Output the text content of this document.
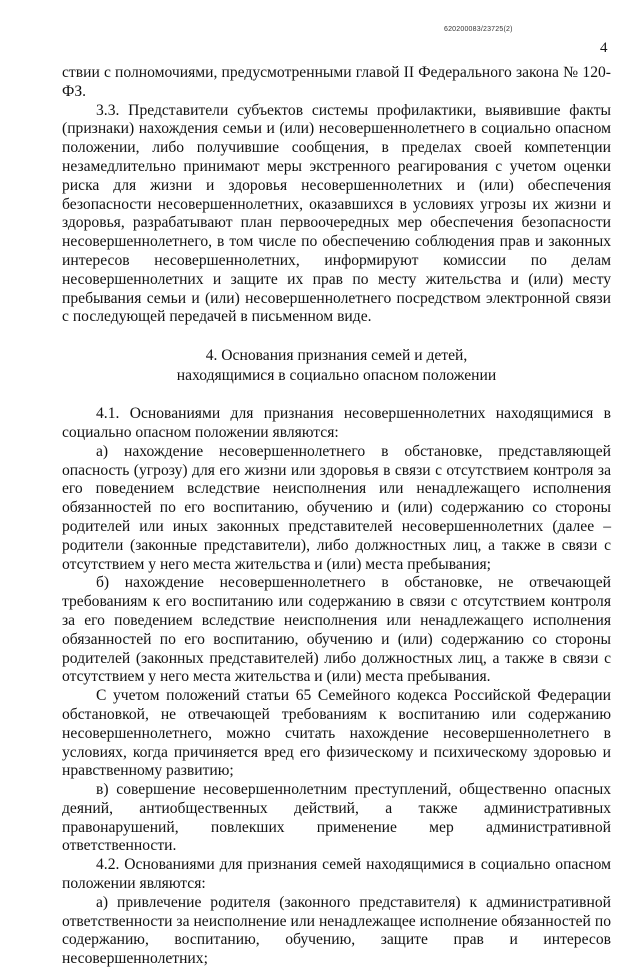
620200083/23725(2)
4

ствии с полномочиями, предусмотренными главой II Федерального закона № 120-ФЗ.

3.3. Представители субъектов системы профилактики, выявившие факты (признаки) нахождения семьи и (или) несовершеннолетнего в социально опасном положении, либо получившие сообщения, в пределах своей компетенции незамедлительно принимают меры экстренного реагирования с учетом оценки риска для жизни и здоровья несовершеннолетних и (или) обеспечения безопасности несовершеннолетних, оказавшихся в условиях угрозы их жизни и здоровья, разрабатывают план первоочередных мер обеспечения безопасности несовершеннолетнего, в том числе по обеспечению соблюдения прав и законных интересов несовершеннолетних, информируют комиссии по делам несовершеннолетних и защите их прав по месту жительства и (или) месту пребывания семьи и (или) несовершеннолетнего посредством электронной связи с последующей передачей в письменном виде.

4. Основания признания семей и детей,
находящимися в социально опасном положении

4.1. Основаниями для признания несовершеннолетних находящимися в социально опасном положении являются:

а) нахождение несовершеннолетнего в обстановке, представляющей опасность (угрозу) для его жизни или здоровья в связи с отсутствием контроля за его поведением вследствие неисполнения или ненадлежащего исполнения обязанностей по его воспитанию, обучению и (или) содержанию со стороны родителей или иных законных представителей несовершеннолетних (далее – родители (законные представители), либо должностных лиц, а также в связи с отсутствием у него места жительства и (или) места пребывания;

б) нахождение несовершеннолетнего в обстановке, не отвечающей требованиям к его воспитанию или содержанию в связи с отсутствием контроля за его поведением вследствие неисполнения или ненадлежащего исполнения обязанностей по его воспитанию, обучению и (или) содержанию со стороны родителей (законных представителей) либо должностных лиц, а также в связи с отсутствием у него места жительства и (или) места пребывания.

С учетом положений статьи 65 Семейного кодекса Российской Федерации обстановкой, не отвечающей требованиям к воспитанию или содержанию несовершеннолетнего, можно считать нахождение несовершеннолетнего в условиях, когда причиняется вред его физическому и психическому здоровью и нравственному развитию;

в) совершение несовершеннолетним преступлений, общественно опасных деяний, антиобщественных действий, а также административных правонарушений, повлекших применение мер административной ответственности.

4.2. Основаниями для признания семей находящимися в социально опасном положении являются:

а) привлечение родителя (законного представителя) к административной ответственности за неисполнение или ненадлежащее исполнение обязанностей по содержанию, воспитанию, обучению, защите прав и интересов несовершеннолетних;
